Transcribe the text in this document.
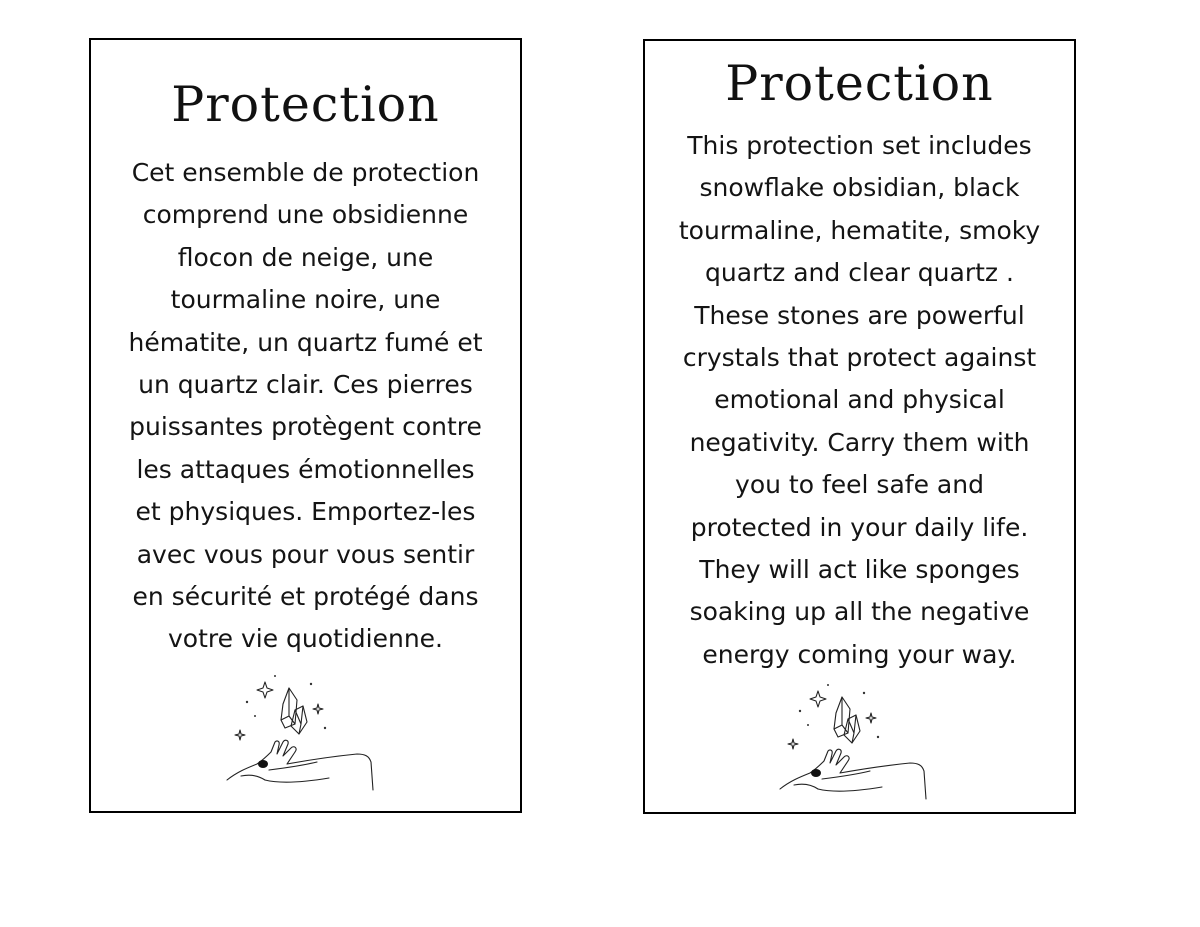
Protection

Cet ensemble de protection
comprend une obsidienne
flocon de neige, une
tourmaline noire, une
hématite, un quartz fumé et
un quartz clair. Ces pierres
puissantes protègent contre
les attaques émotionnelles
et physiques. Emportez-les
avec vous pour vous sentir
en sécurité et protégé dans
votre vie quotidienne.

Protection

This protection set includes
snowflake obsidian, black
tourmaline, hematite, smoky
quartz and clear quartz .
These stones are powerful
crystals that protect against
emotional and physical
negativity. Carry them with
you to feel safe and
protected in your daily life.
They will act like sponges
soaking up all the negative
energy coming your way.
